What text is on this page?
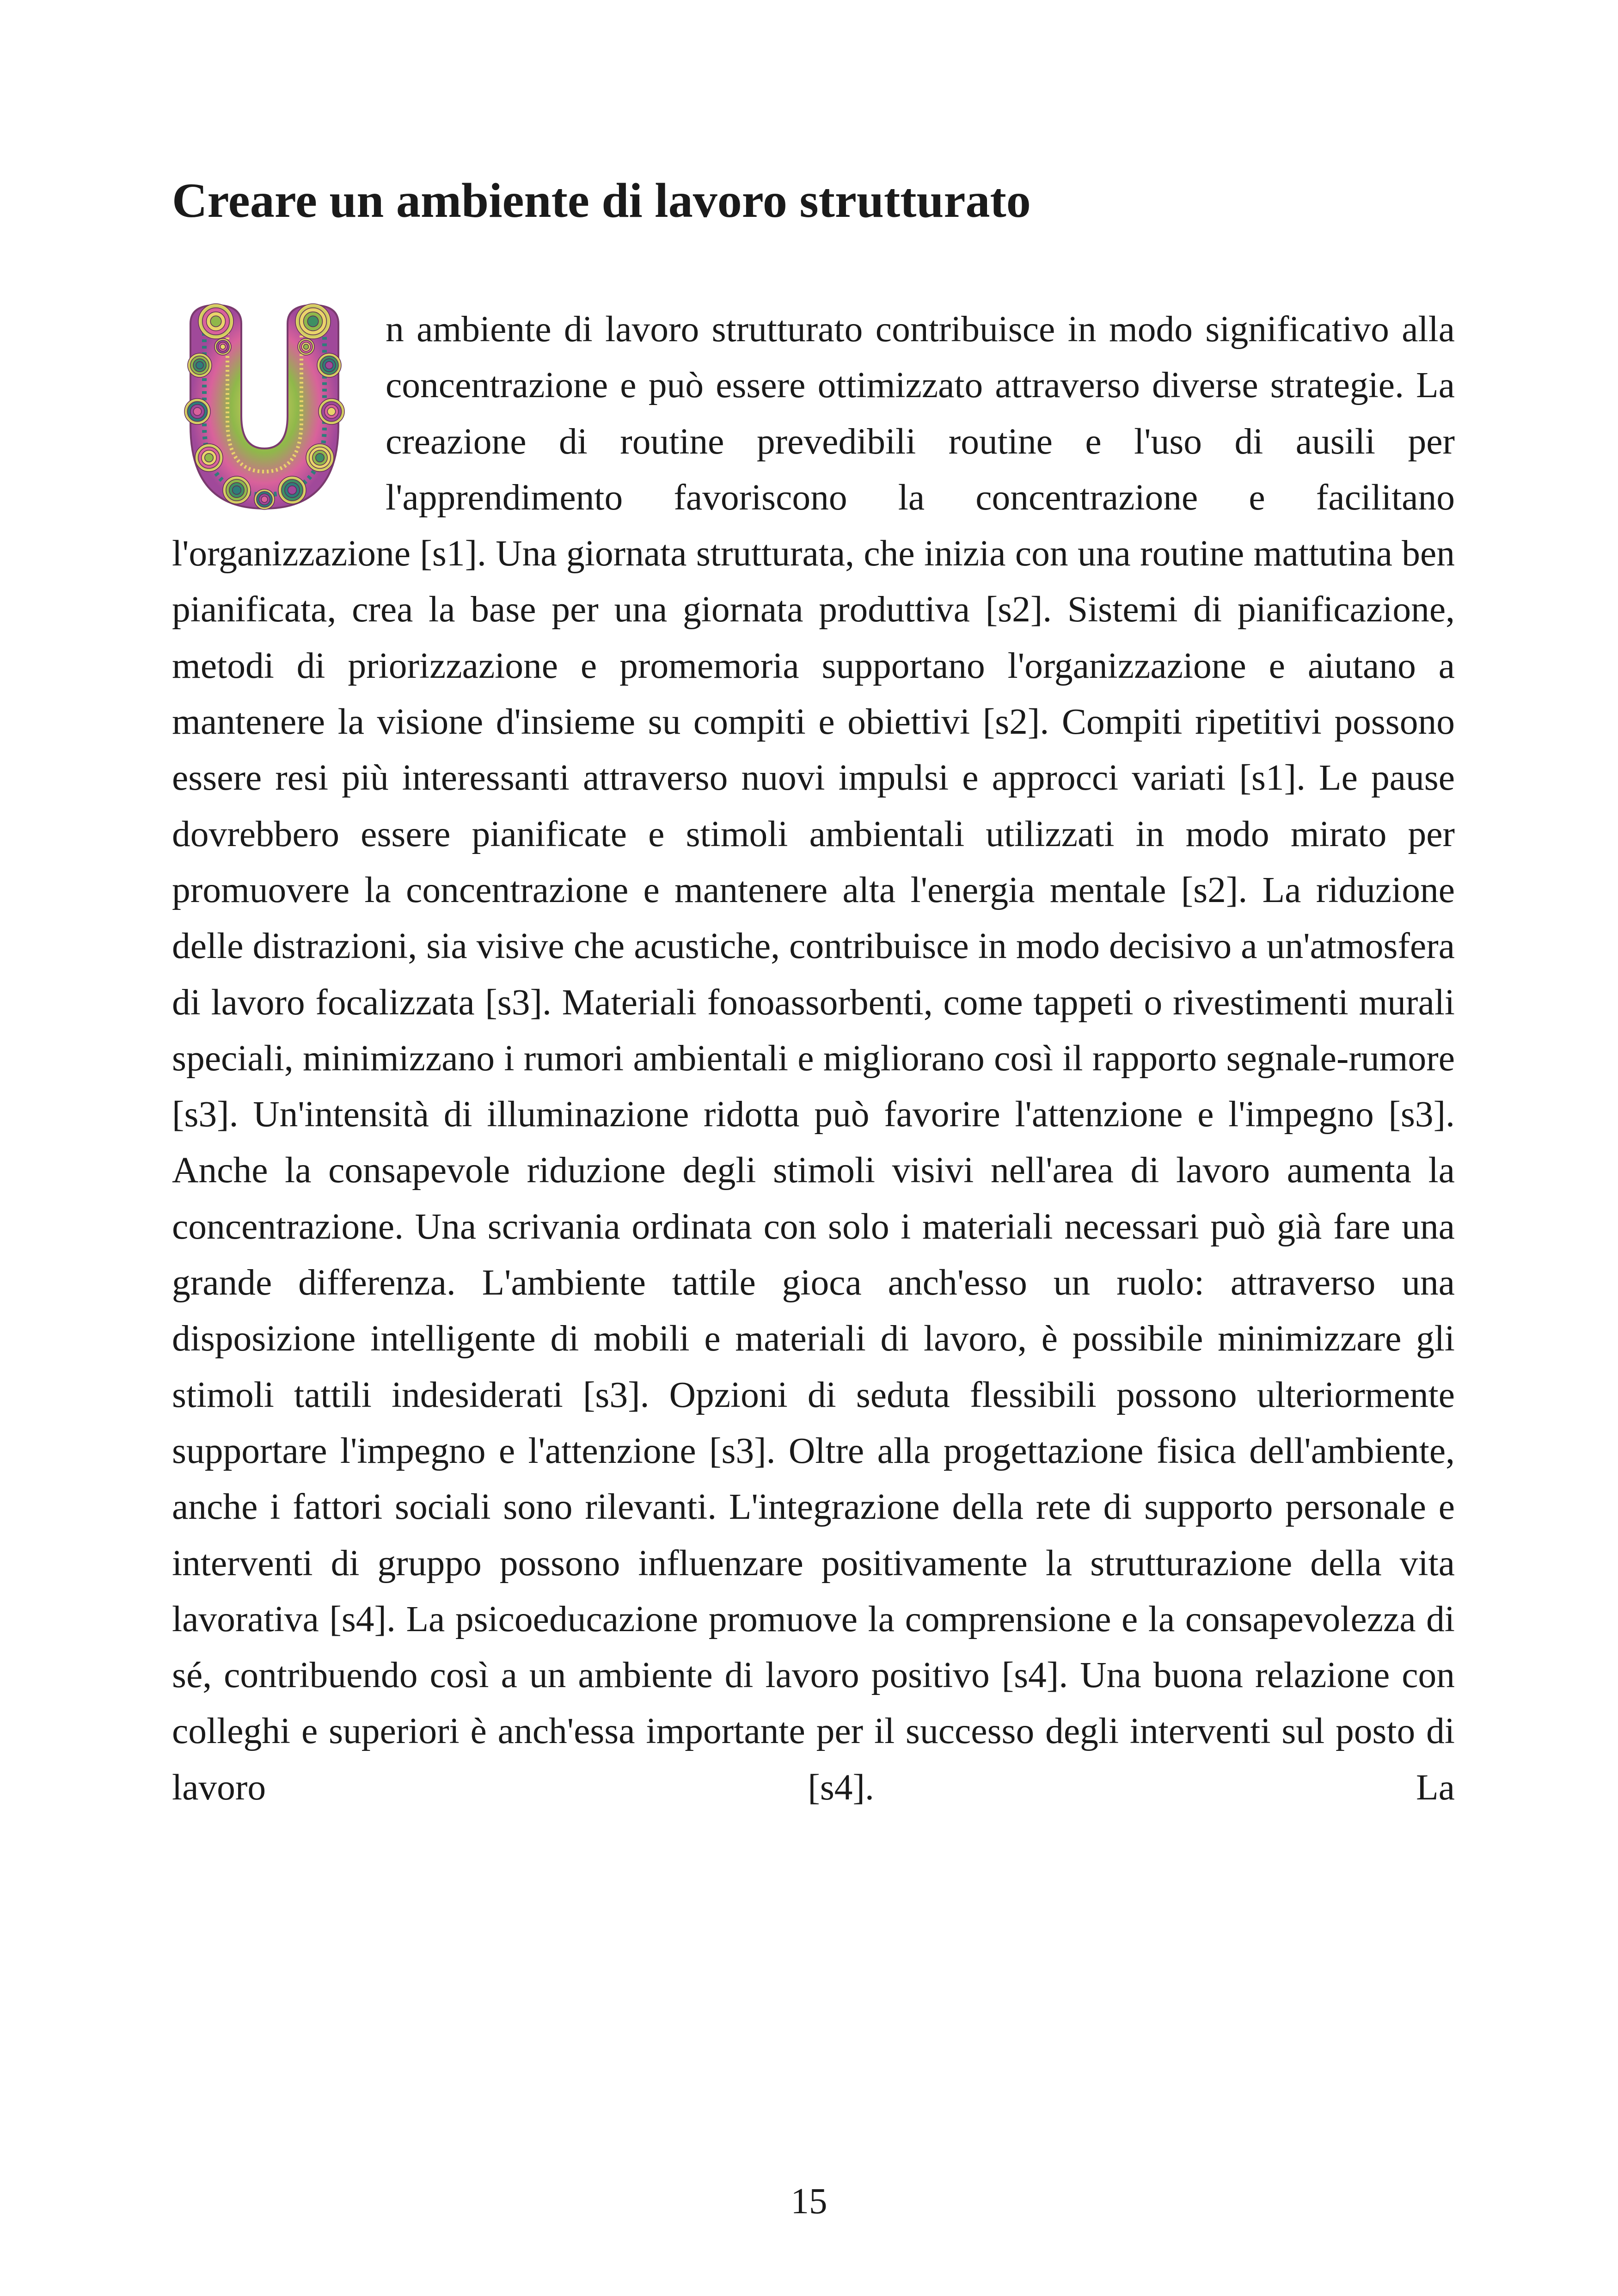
Creare un ambiente di lavoro strutturato

n ambiente di lavoro strutturato contribuisce in modo significativo alla concentrazione e può essere ottimizzato attraverso diverse strategie. La creazione di routine prevedibili routine e l'uso di ausili per l'apprendimento favoriscono la concentrazione e facilitano l'organizzazione [s1]. Una giornata strutturata, che inizia con una routine mattutina ben pianificata, crea la base per una giornata produttiva [s2]. Sistemi di pianificazione, metodi di priorizzazione e promemoria supportano l'organizzazione e aiutano a mantenere la visione d'insieme su compiti e obiettivi [s2]. Compiti ripetitivi possono essere resi più interessanti attraverso nuovi impulsi e approcci variati [s1]. Le pause dovrebbero essere pianificate e stimoli ambientali utilizzati in modo mirato per promuovere la concentrazione e mantenere alta l'energia mentale [s2]. La riduzione delle distrazioni, sia visive che acustiche, contribuisce in modo decisivo a un'atmosfera di lavoro focalizzata [s3]. Materiali fonoassorbenti, come tappeti o rivestimenti murali speciali, minimizzano i rumori ambientali e migliorano così il rapporto segnale-rumore [s3]. Un'intensità di illuminazione ridotta può favorire l'attenzione e l'impegno [s3]. Anche la consapevole riduzione degli stimoli visivi nell'area di lavoro aumenta la concentrazione. Una scrivania ordinata con solo i materiali necessari può già fare una grande differenza. L'ambiente tattile gioca anch'esso un ruolo: attraverso una disposizione intelligente di mobili e materiali di lavoro, è possibile minimizzare gli stimoli tattili indesiderati [s3]. Opzioni di seduta flessibili possono ulteriormente supportare l'impegno e l'attenzione [s3]. Oltre alla progettazione fisica dell'ambiente, anche i fattori sociali sono rilevanti. L'integrazione della rete di supporto personale e interventi di gruppo possono influenzare positivamente la strutturazione della vita lavorativa [s4]. La psicoeducazione promuove la comprensione e la consapevolezza di sé, contribuendo così a un ambiente di lavoro positivo [s4]. Una buona relazione con colleghi e superiori è anch'essa importante per il successo degli interventi sul posto di lavoro [s4]. La

15
